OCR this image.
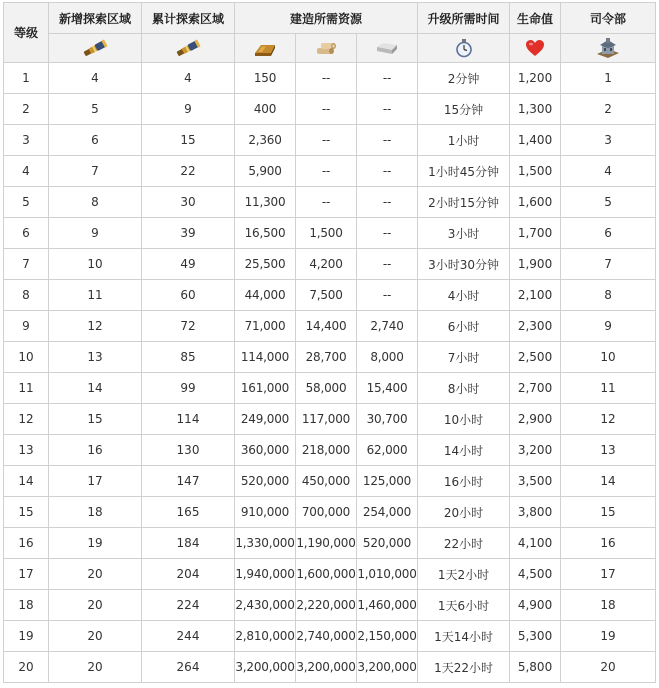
等级	新增探索区域	累计探索区域	建造所需资源			升级所需时间	生命值	司令部

1	4	4	150	--	--	2分钟	1,200	1
2	5	9	400	--	--	15分钟	1,300	2
3	6	15	2,360	--	--	1小时	1,400	3
4	7	22	5,900	--	--	1小时45分钟	1,500	4
5	8	30	11,300	--	--	2小时15分钟	1,600	5
6	9	39	16,500	1,500	--	3小时	1,700	6
7	10	49	25,500	4,200	--	3小时30分钟	1,900	7
8	11	60	44,000	7,500	--	4小时	2,100	8
9	12	72	71,000	14,400	2,740	6小时	2,300	9
10	13	85	114,000	28,700	8,000	7小时	2,500	10
11	14	99	161,000	58,000	15,400	8小时	2,700	11
12	15	114	249,000	117,000	30,700	10小时	2,900	12
13	16	130	360,000	218,000	62,000	14小时	3,200	13
14	17	147	520,000	450,000	125,000	16小时	3,500	14
15	18	165	910,000	700,000	254,000	20小时	3,800	15
16	19	184	1,330,000	1,190,000	520,000	22小时	4,100	16
17	20	204	1,940,000	1,600,000	1,010,000	1天2小时	4,500	17
18	20	224	2,430,000	2,220,000	1,460,000	1天6小时	4,900	18
19	20	244	2,810,000	2,740,000	2,150,000	1天14小时	5,300	19
20	20	264	3,200,000	3,200,000	3,200,000	1天22小时	5,800	20
